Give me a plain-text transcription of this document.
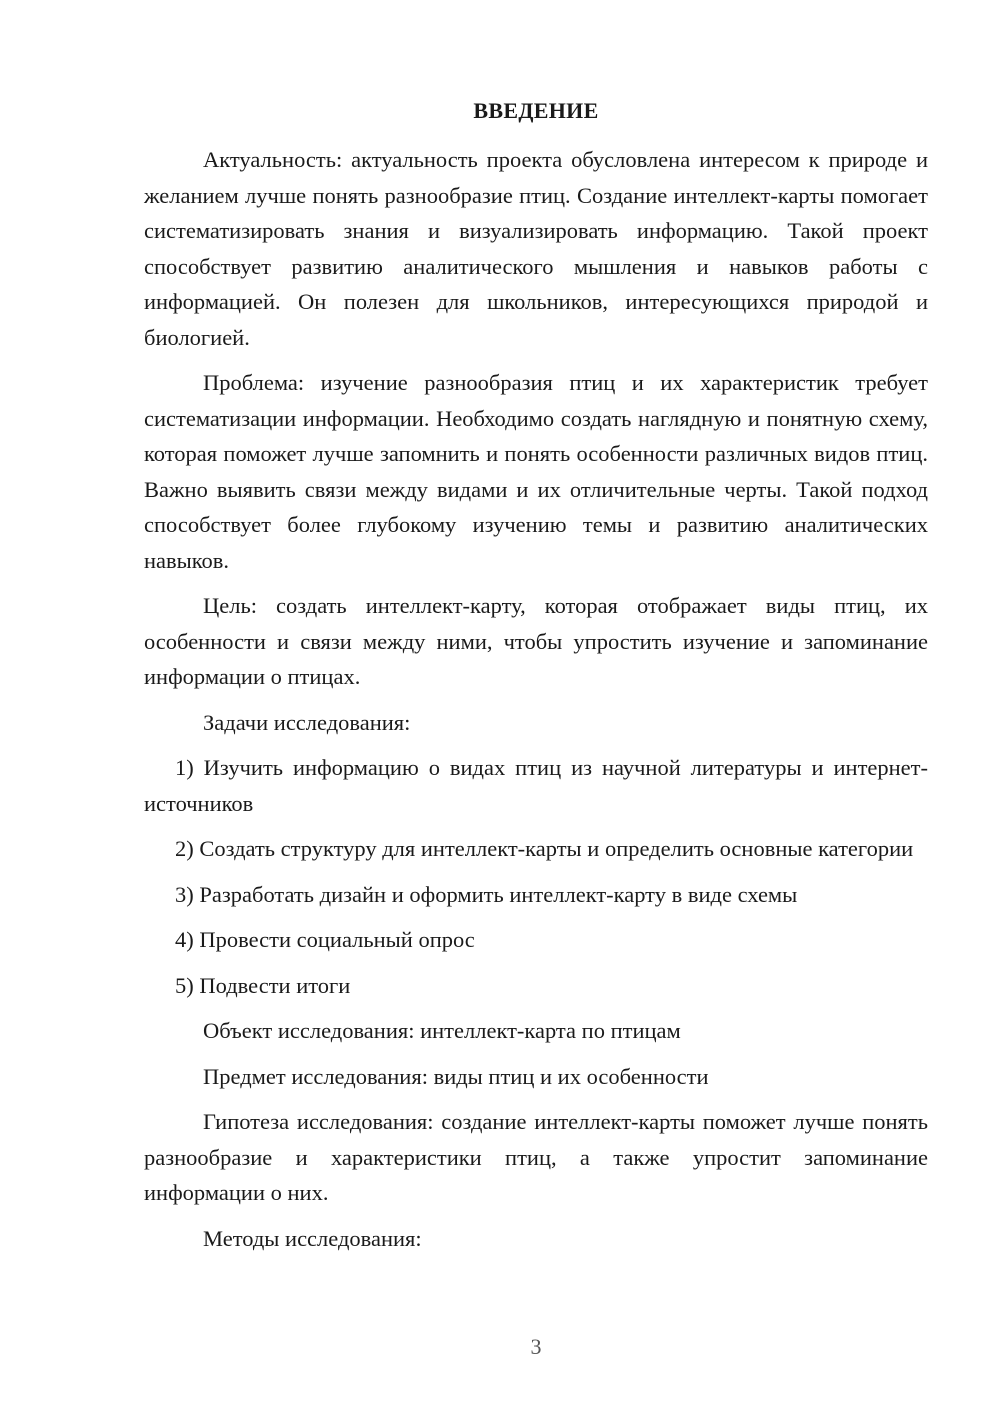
ВВЕДЕНИЕ

Актуальность: актуальность проекта обусловлена интересом к природе и желанием лучше понять разнообразие птиц. Создание интеллект-карты помогает систематизировать знания и визуализировать информацию. Такой проект способствует развитию аналитического мышления и навыков работы с информацией. Он полезен для школьников, интересующихся природой и биологией.

Проблема: изучение разнообразия птиц и их характеристик требует систематизации информации. Необходимо создать наглядную и понятную схему, которая поможет лучше запомнить и понять особенности различных видов птиц. Важно выявить связи между видами и их отличительные черты. Такой подход способствует более глубокому изучению темы и развитию аналитических навыков.

Цель: создать интеллект-карту, которая отображает виды птиц, их особенности и связи между ними, чтобы упростить изучение и запоминание информации о птицах.

Задачи исследования:

1) Изучить информацию о видах птиц из научной литературы и интернет-источников

2) Создать структуру для интеллект-карты и определить основные категории

3) Разработать дизайн и оформить интеллект-карту в виде схемы

4) Провести социальный опрос

5) Подвести итоги

Объект исследования: интеллект-карта по птицам

Предмет исследования: виды птиц и их особенности

Гипотеза исследования: создание интеллект-карты поможет лучше понять разнообразие и характеристики птиц, а также упростит запоминание информации о них.

Методы исследования:

3
